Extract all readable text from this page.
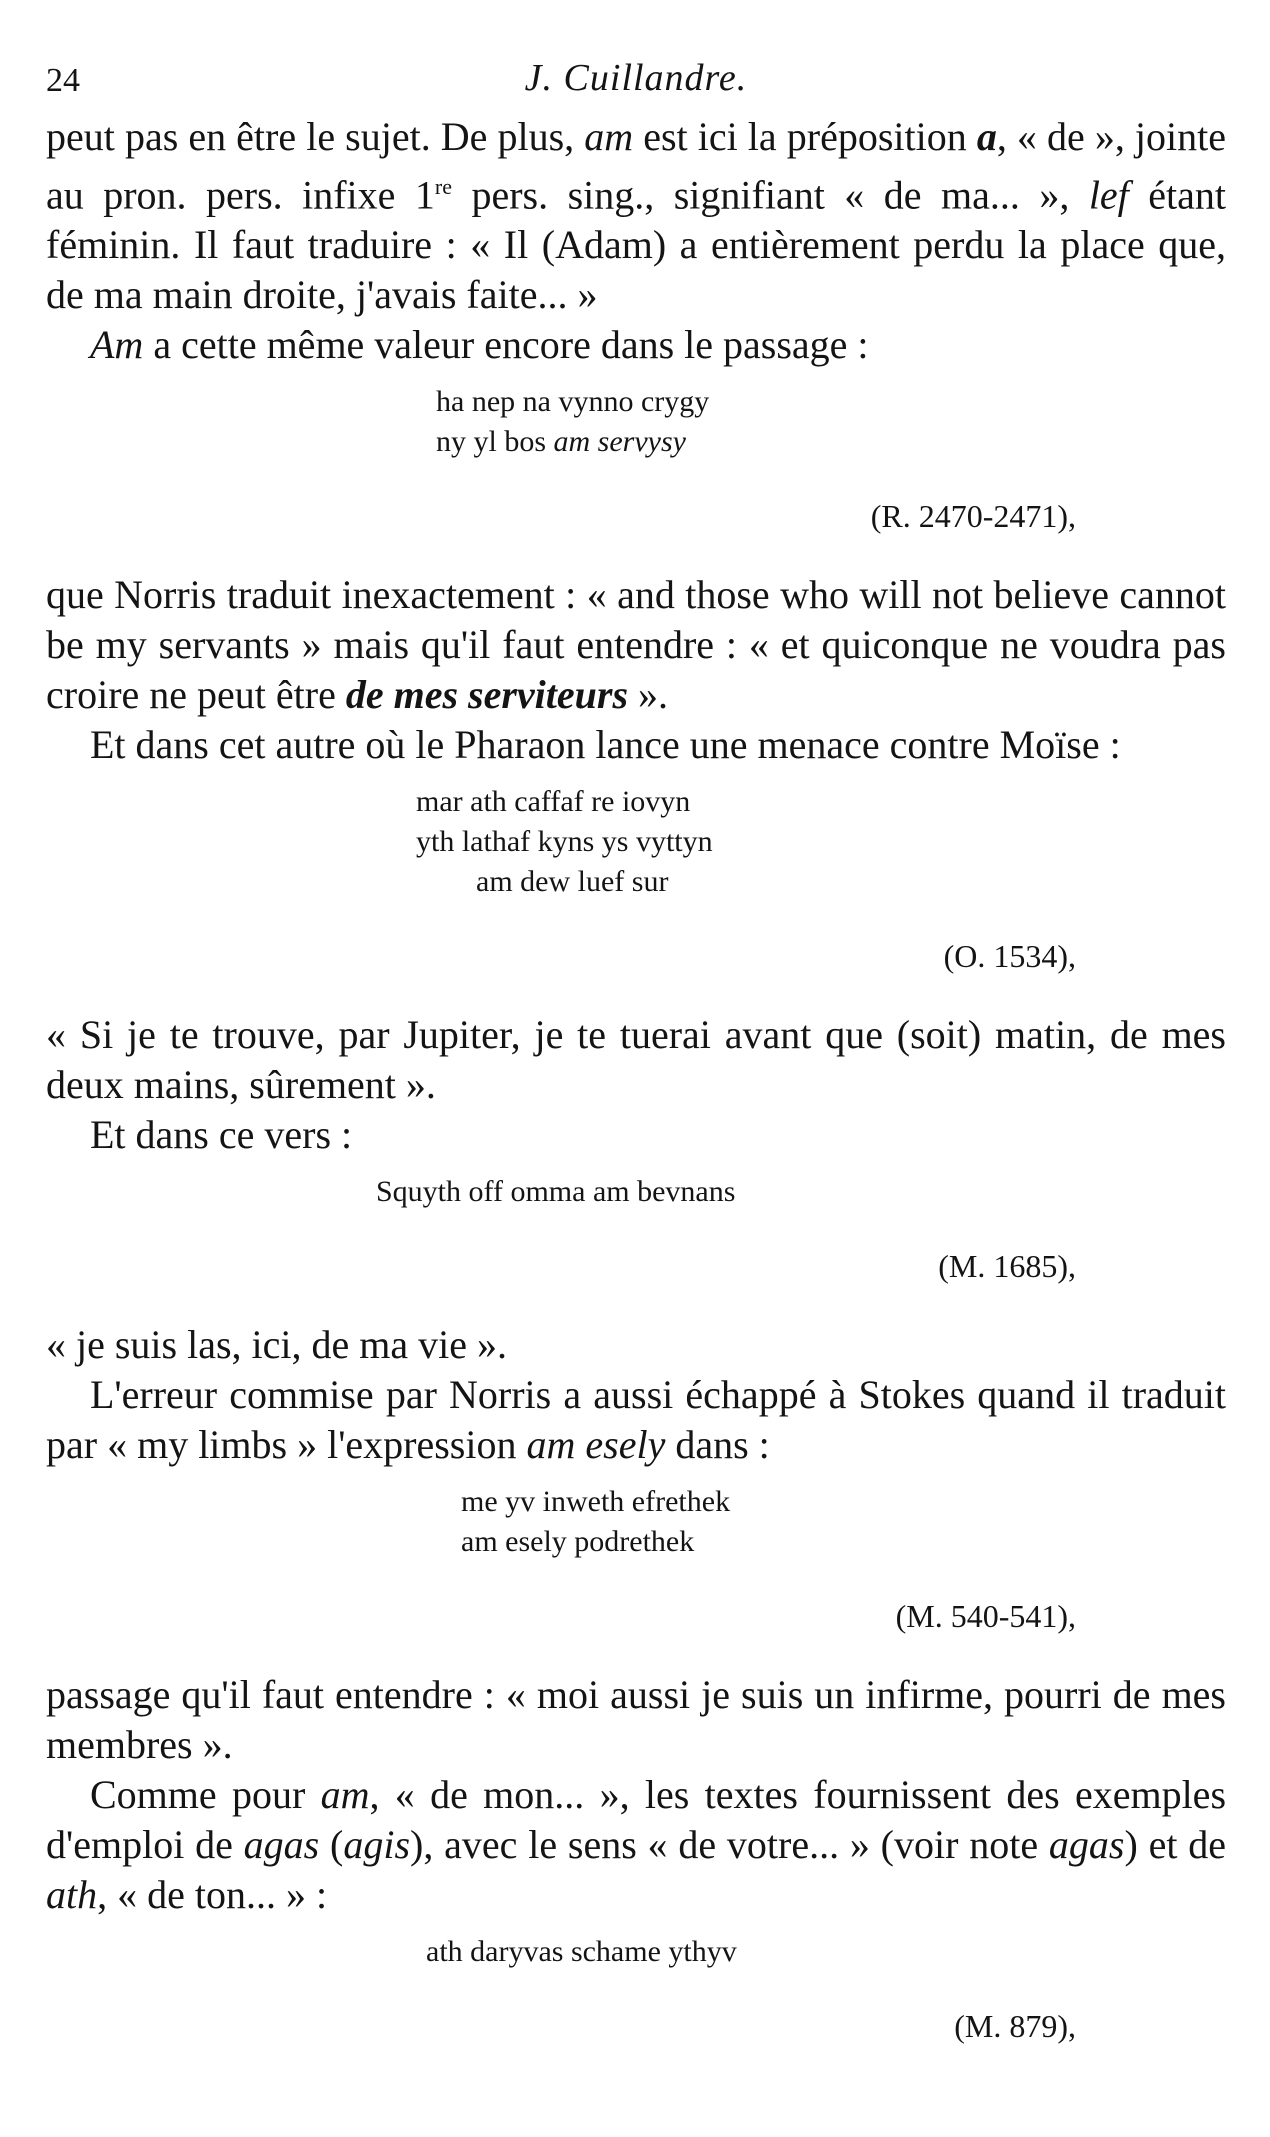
24	J. Cuillandre.

peut pas en être le sujet. De plus, am est ici la préposition a, « de », jointe au pron. pers. infixe 1re pers. sing., signifiant « de ma... », lef étant féminin. Il faut traduire : « Il (Adam) a entièrement perdu la place que, de ma main droite, j'avais faite... »

Am a cette même valeur encore dans le passage :

ha nep na vynno crygy

ny yl bos am servysy

(R. 2470-2471),

que Norris traduit inexactement : « and those who will not believe cannot be my servants » mais qu'il faut entendre : « et quiconque ne voudra pas croire ne peut être de mes serviteurs ».

Et dans cet autre où le Pharaon lance une menace contre Moïse :

mar ath caffaf re iovyn

yth lathaf kyns ys vyttyn

am dew luef sur

(O. 1534),

« Si je te trouve, par Jupiter, je te tuerai avant que (soit) matin, de mes deux mains, sûrement ».

Et dans ce vers :

Squyth off omma am bevnans

(M. 1685),

« je suis las, ici, de ma vie ».

L'erreur commise par Norris a aussi échappé à Stokes quand il traduit par « my limbs » l'expression am esely dans :

me yv inweth efrethek

am esely podrethek

(M. 540-541),

passage qu'il faut entendre : « moi aussi je suis un infirme, pourri de mes membres ».

Comme pour am, « de mon... », les textes fournissent des exemples d'emploi de agas (agis), avec le sens « de votre... » (voir note agas) et de ath, « de ton... » :

ath daryvas schame ythyv

(M. 879),
